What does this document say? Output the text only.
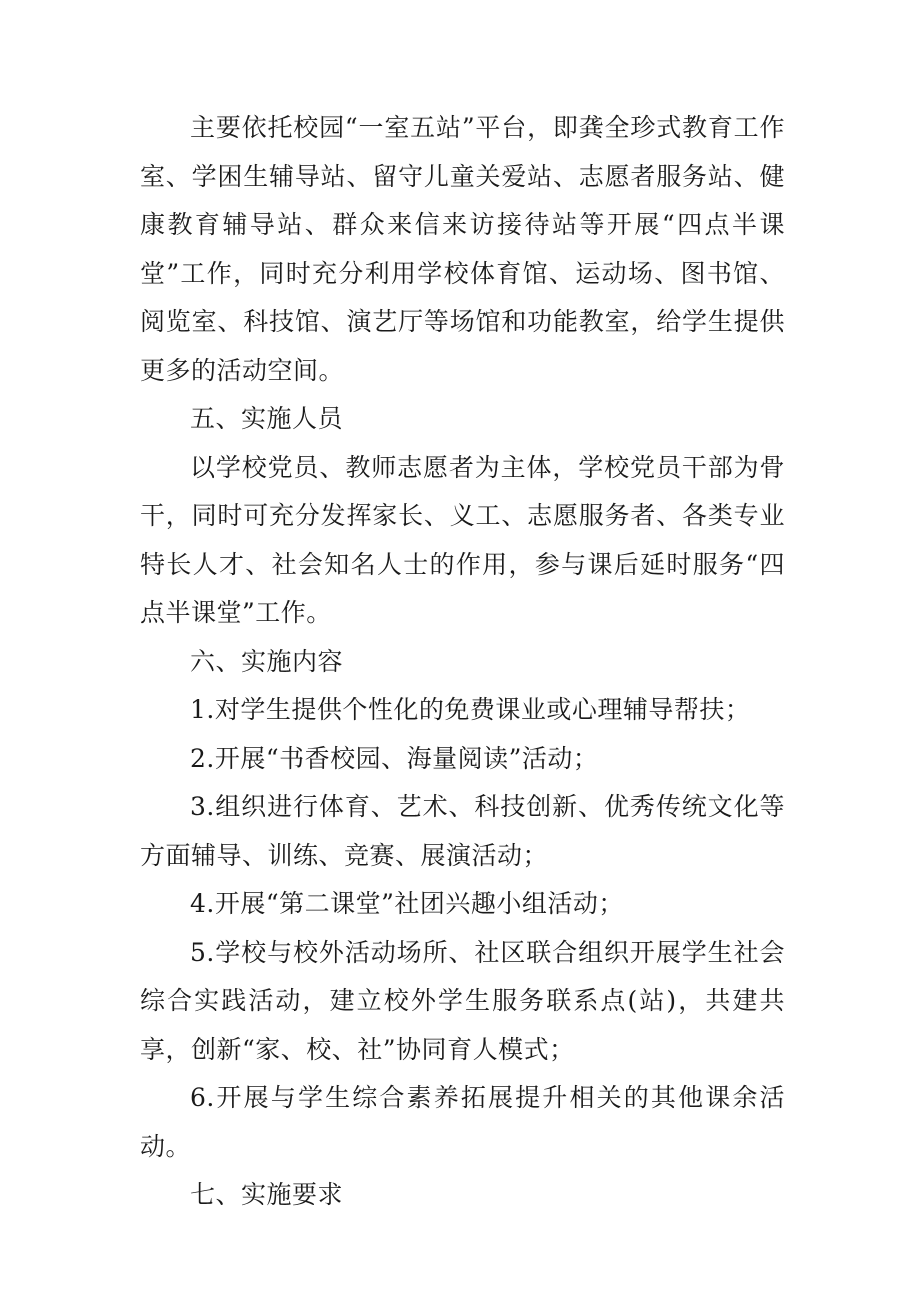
主要依托校园“一室五站”平台，即龚全珍式教育工作室、学困生辅导站、留守儿童关爱站、志愿者服务站、健康教育辅导站、群众来信来访接待站等开展“四点半课堂”工作，同时充分利用学校体育馆、运动场、图书馆、阅览室、科技馆、演艺厅等场馆和功能教室，给学生提供更多的活动空间。

五、实施人员

以学校党员、教师志愿者为主体，学校党员干部为骨干，同时可充分发挥家长、义工、志愿服务者、各类专业特长人才、社会知名人士的作用，参与课后延时服务“四点半课堂”工作。

六、实施内容

1.对学生提供个性化的免费课业或心理辅导帮扶；

2.开展“书香校园、海量阅读”活动；

3.组织进行体育、艺术、科技创新、优秀传统文化等方面辅导、训练、竞赛、展演活动；

4.开展“第二课堂”社团兴趣小组活动；

5.学校与校外活动场所、社区联合组织开展学生社会综合实践活动，建立校外学生服务联系点(站)，共建共享，创新“家、校、社”协同育人模式；

6.开展与学生综合素养拓展提升相关的其他课余活动。

七、实施要求
